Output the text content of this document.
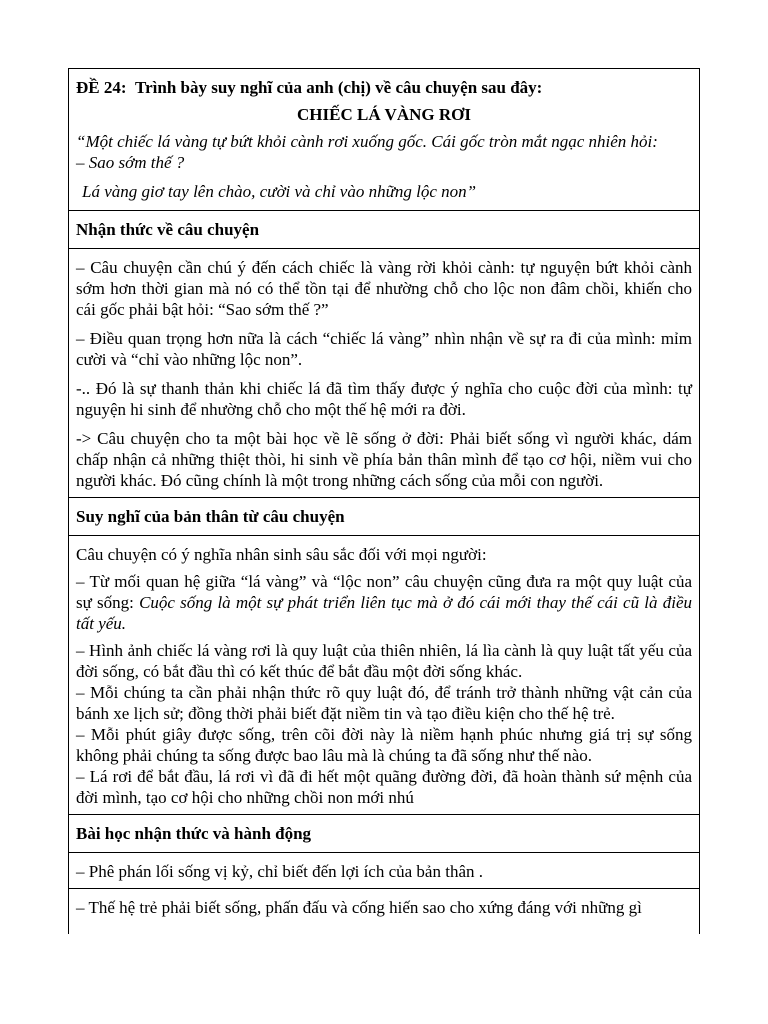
ĐỀ 24: Trình bày suy nghĩ của anh (chị) về câu chuyện sau đây:

CHIẾC LÁ VÀNG RƠI

“Một chiếc lá vàng tự bứt khỏi cành rơi xuống gốc. Cái gốc tròn mắt ngạc nhiên hỏi:

– Sao sớm thế ?

Lá vàng giơ tay lên chào, cười và chỉ vào những lộc non”

Nhận thức về câu chuyện

– Câu chuyện cần chú ý đến cách chiếc là vàng rời khỏi cành: tự nguyện bứt khỏi cành sớm hơn thời gian mà nó có thể tồn tại để nhường chỗ cho lộc non đâm chồi, khiến cho cái gốc phải bật hỏi: “Sao sớm thế ?”

– Điều quan trọng hơn nữa là cách “chiếc lá vàng” nhìn nhận về sự ra đi của mình: mỉm cười và “chỉ vào những lộc non”.

-.. Đó là sự thanh thản khi chiếc lá đã tìm thấy được ý nghĩa cho cuộc đời của mình: tự nguyện hi sinh để nhường chỗ cho một thế hệ mới ra đời.

-> Câu chuyện cho ta một bài học về lẽ sống ở đời: Phải biết sống vì người khác, dám chấp nhận cả những thiệt thòi, hi sinh về phía bản thân mình để tạo cơ hội, niềm vui cho người khác. Đó cũng chính là một trong những cách sống của mỗi con người.

Suy nghĩ của bản thân từ câu chuyện

Câu chuyện có ý nghĩa nhân sinh sâu sắc đối với mọi người:

– Từ mối quan hệ giữa “lá vàng” và “lộc non” câu chuyện cũng đưa ra một quy luật của sự sống: Cuộc sống là một sự phát triển liên tục mà ở đó cái mới thay thế cái cũ là điều tất yếu.

– Hình ảnh chiếc lá vàng rơi là quy luật của thiên nhiên, lá lìa cành là quy luật tất yếu của đời sống, có bắt đầu thì có kết thúc để bắt đầu một đời sống khác.

– Mỗi chúng ta cần phải nhận thức rõ quy luật đó, để tránh trở thành những vật cản của bánh xe lịch sử; đồng thời phải biết đặt niềm tin và tạo điều kiện cho thế hệ trẻ.

– Mỗi phút giây được sống, trên cõi đời này là niềm hạnh phúc nhưng giá trị sự sống không phải chúng ta sống được bao lâu mà là chúng ta đã sống như thế nào.

– Lá rơi để bắt đầu, lá rơi vì đã đi hết một quãng đường đời, đã hoàn thành sứ mệnh của đời mình, tạo cơ hội cho những chồi non mới nhú

Bài học nhận thức và hành động

– Phê phán lối sống vị kỷ, chỉ biết đến lợi ích của bản thân .

– Thế hệ trẻ phải biết sống, phấn đấu và cống hiến sao cho xứng đáng với những gì
